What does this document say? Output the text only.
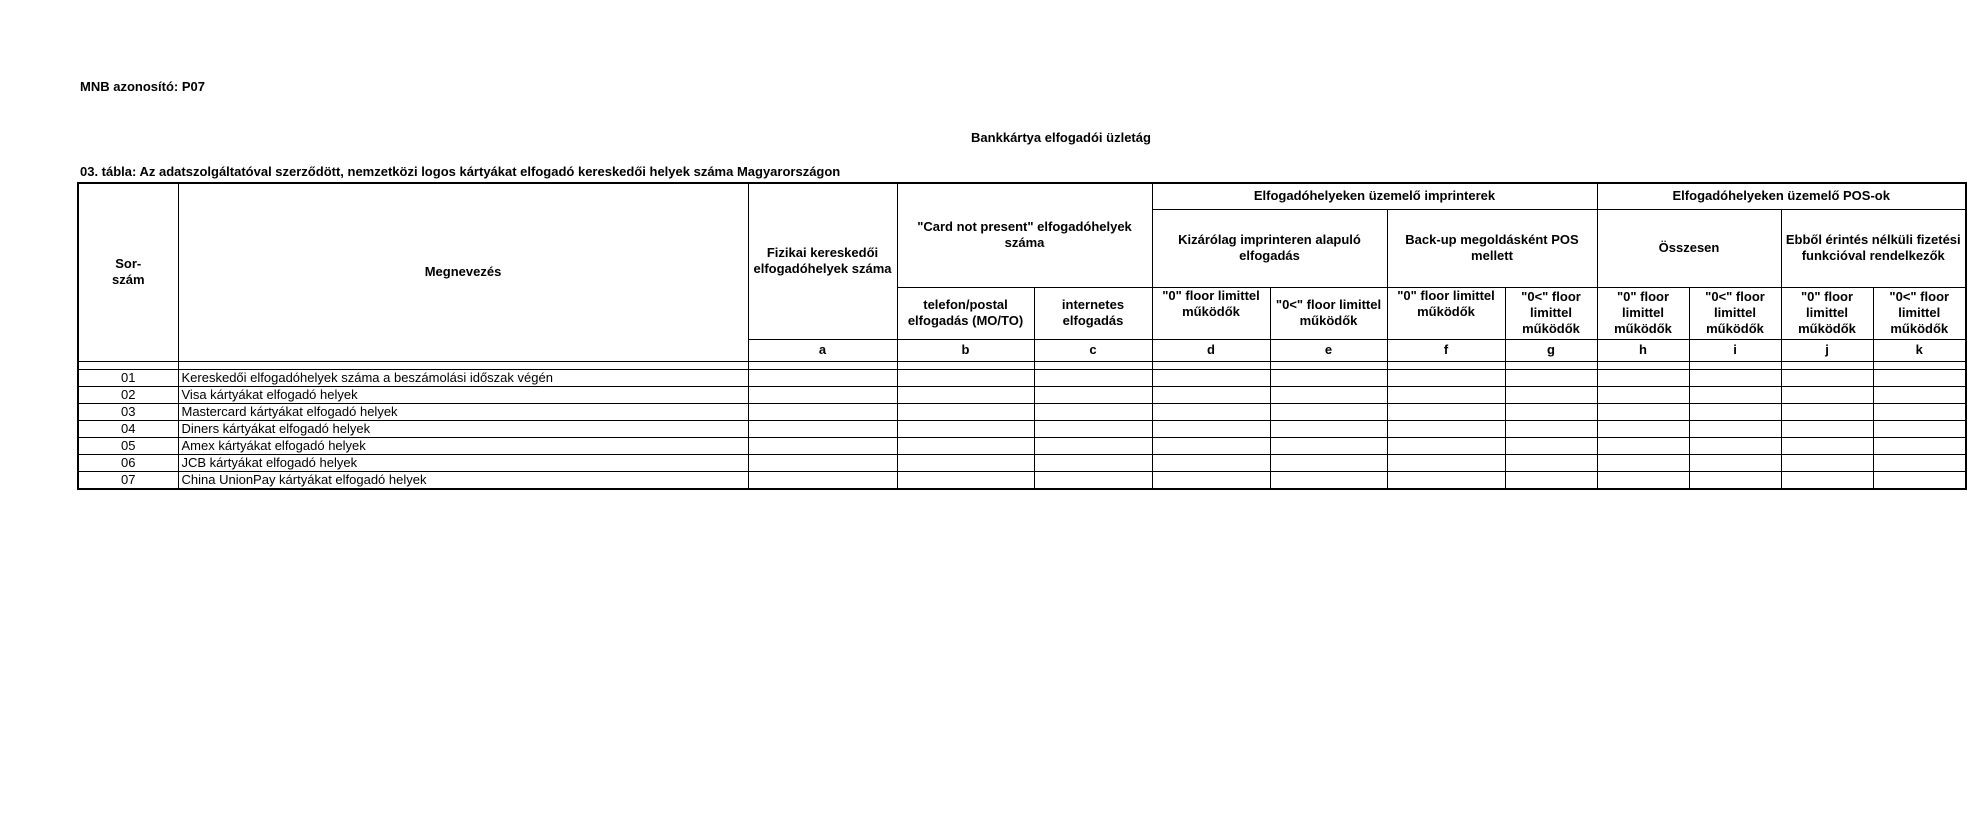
MNB azonosító: P07
Bankkártya elfogadói üzletág
03. tábla: Az adatszolgáltatóval szerződött, nemzetközi logos kártyákat elfogadó kereskedői helyek száma Magyarországon
Sor-
szám	Megnevezés	Fizikai kereskedői elfogadóhelyek száma	"Card not present" elfogadóhelyek száma		Elfogadóhelyeken üzemelő imprinterek				Elfogadóhelyeken üzemelő POS-ok			
					Kizárólag imprinteren alapuló elfogadás		Back-up megoldásként POS mellett		Összesen		Ebből érintés nélküli fizetési funkcióval rendelkezők	
			telefon/postal elfogadás (MO/TO)	internetes elfogadás	"0" floor limittel működők	"0<" floor limittel működők	"0" floor limittel működők	"0<" floor limittel működők	"0" floor limittel működők	"0<" floor limittel működők	"0" floor limittel működők	"0<" floor limittel működők
		a	b	c	d	e	f	g	h	i	j	k

01	Kereskedői elfogadóhelyek száma a beszámolási időszak végén											
02	Visa kártyákat elfogadó helyek											
03	Mastercard kártyákat elfogadó helyek											
04	Diners kártyákat elfogadó helyek											
05	Amex kártyákat elfogadó helyek											
06	JCB kártyákat elfogadó helyek											
07	China UnionPay kártyákat elfogadó helyek											
